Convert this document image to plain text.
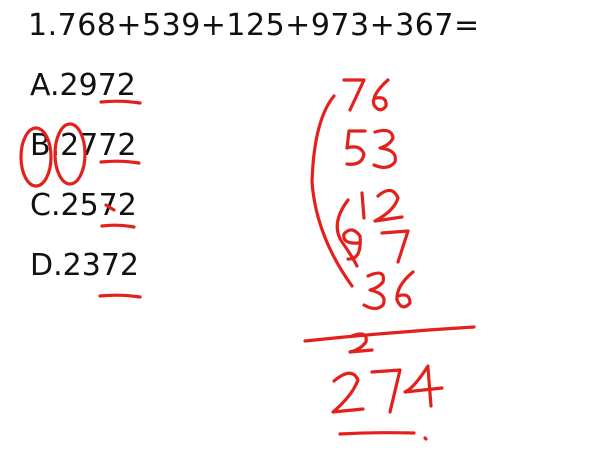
1.768+539+125+973+367=
A.2972
B.2772
C.2572
D.2372
